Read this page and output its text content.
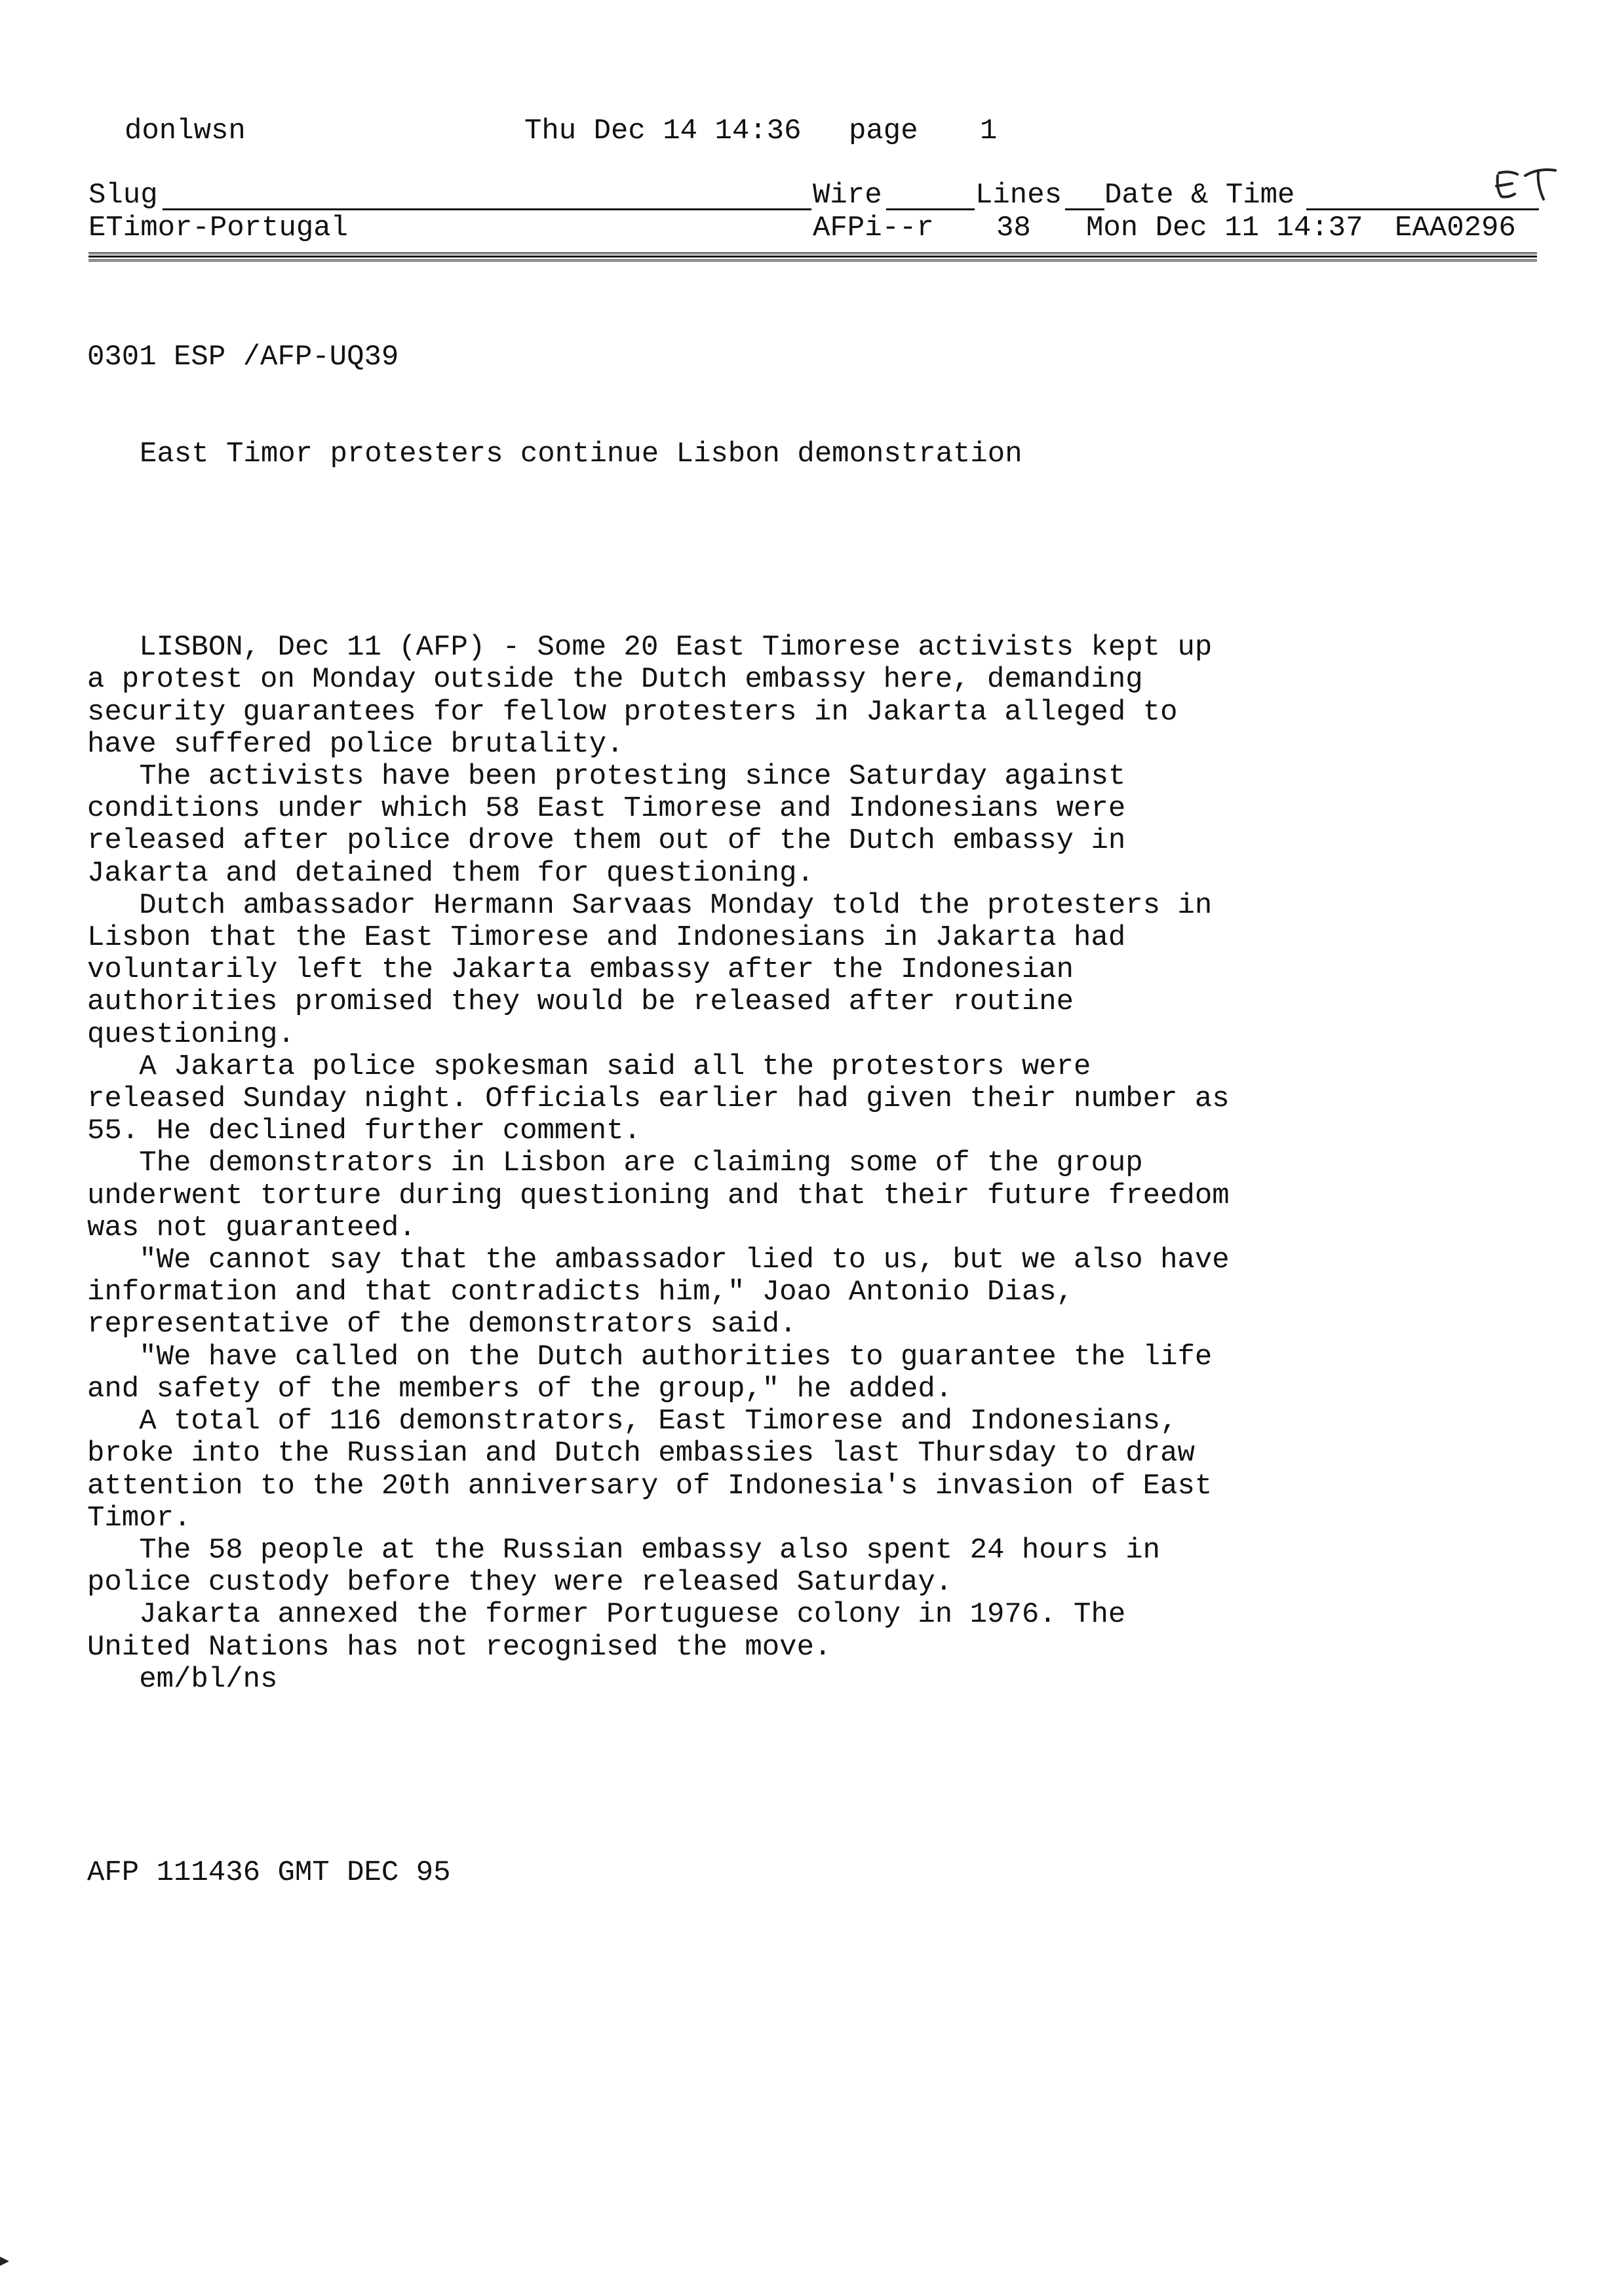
donlwsn	Thu Dec 14 14:36 page 1
Slug	Wire	Lines Date & Time
ET
ETimor-Portugal	AFPi--r 38 Mon Dec 11 14:37 EAA0296

0301 ESP /AFP-UQ39

East Timor protesters continue Lisbon demonstration

LISBON, Dec 11 (AFP) - Some 20 East Timorese activists kept up

a protest on Monday outside the Dutch embassy here, demanding

security guarantees for fellow protesters in Jakarta alleged to

have suffered police brutality.

The activists have been protesting since Saturday against

conditions under which 58 East Timorese and Indonesians were

released after police drove them out of the Dutch embassy in

Jakarta and detained them for questioning.

Dutch ambassador Hermann Sarvaas Monday told the protesters in

Lisbon that the East Timorese and Indonesians in Jakarta had

voluntarily left the Jakarta embassy after the Indonesian

authorities promised they would be released after routine

questioning.

A Jakarta police spokesman said all the protestors were

released Sunday night. Officials earlier had given their number as

55. He declined further comment.

The demonstrators in Lisbon are claiming some of the group

underwent torture during questioning and that their future freedom

was not guaranteed.

"We cannot say that the ambassador lied to us, but we also have

information and that contradicts him," Joao Antonio Dias,

representative of the demonstrators said.

"We have called on the Dutch authorities to guarantee the life

and safety of the members of the group," he added.

A total of 116 demonstrators, East Timorese and Indonesians,

broke into the Russian and Dutch embassies last Thursday to draw

attention to the 20th anniversary of Indonesia's invasion of East

Timor.

The 58 people at the Russian embassy also spent 24 hours in

police custody before they were released Saturday.

Jakarta annexed the former Portuguese colony in 1976. The

United Nations has not recognised the move.

em/bl/ns

AFP 111436 GMT DEC 95
